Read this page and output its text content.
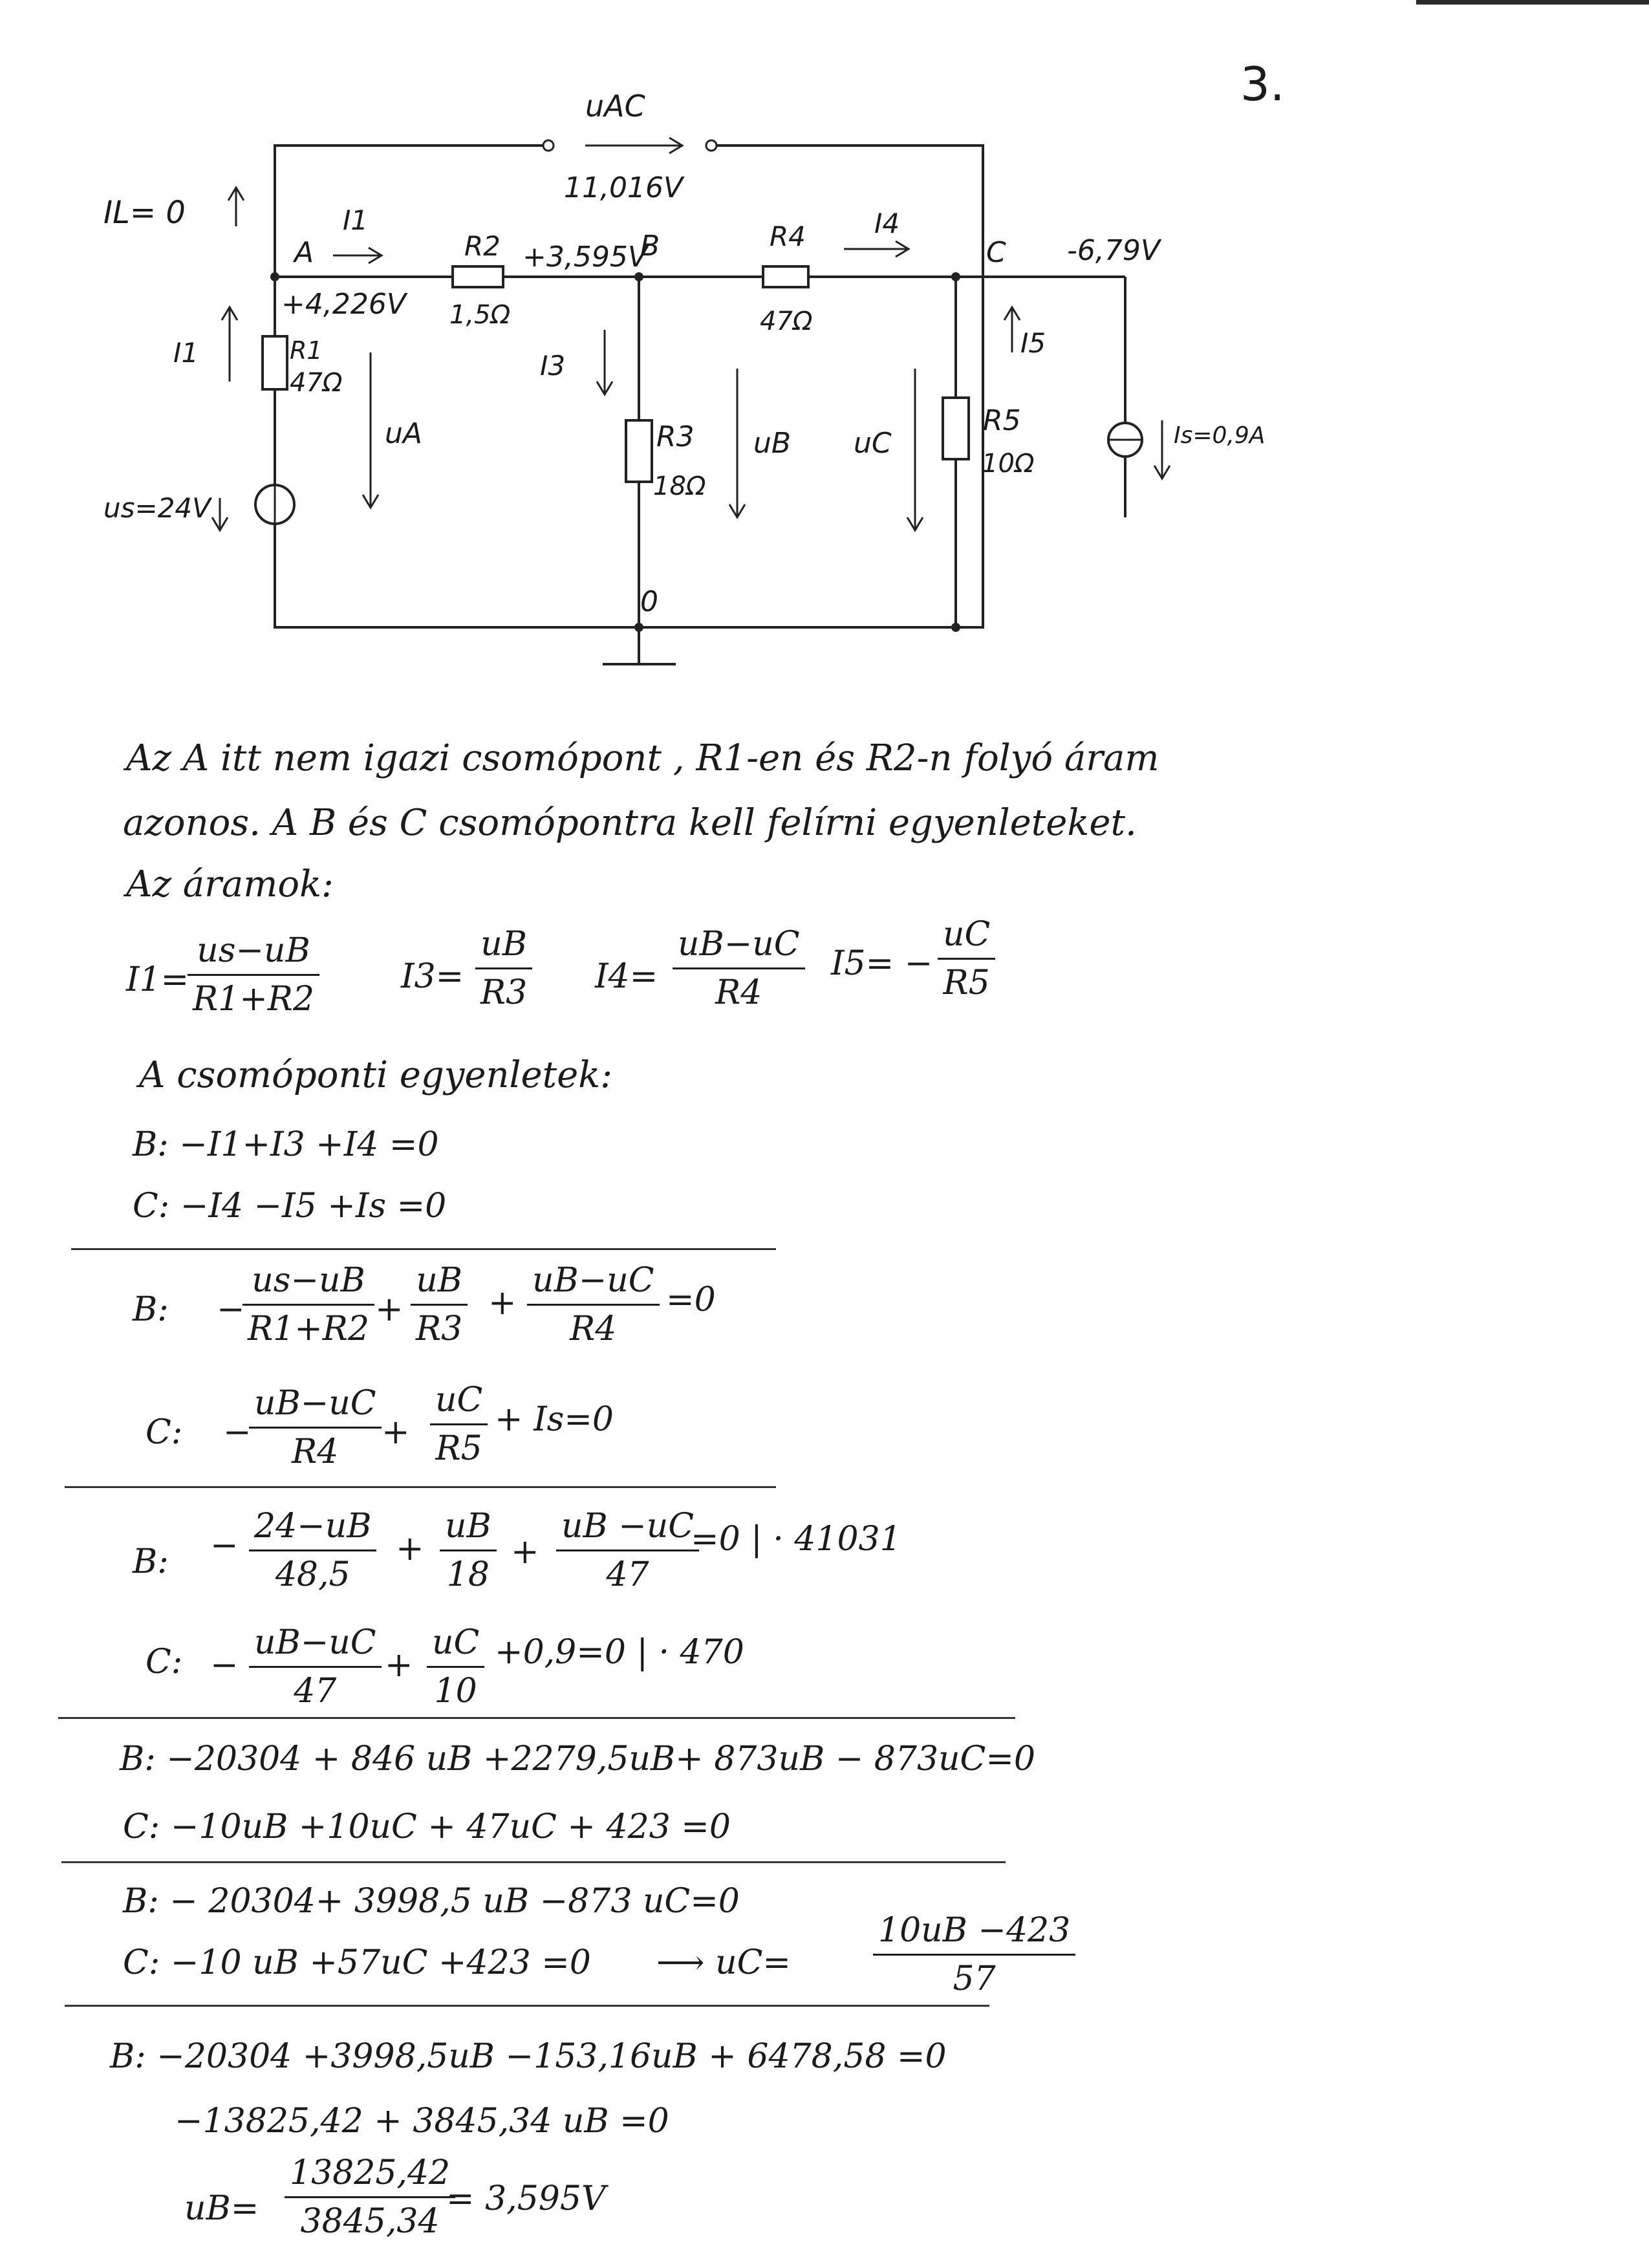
3.
uAC
11,016V
IL= 0
A
I1
R2
1,5Ω
+3,595V
B	R4
47Ω
I4
C -6,79V
+4,226V
I1	R1
47Ω
I3
uA	R3
18Ω
uB uC
I5
R5
10Ω
Is=0,9A
us=24V
0
Az A itt nem igazi csomópont , R1-en és R2-n folyó áram
azonos. A B és C csomópontra kell felírni egyenleteket.
Az áramok:
I1=
$\frac{us-uB}{R1+R2} I3= \frac{uB}{R3} I4= \frac{uB-uC}{R4} I5= - \frac{uC}{R5}$
A csomóponti egyenletek:
B: −I1+I3 +I4 =0
C: −I4 −I5 +Is =0
B: −
$\frac{us-uB}{R1+R2} + \frac{uB}{R3} + \frac{uB-uC}{R4} =0$
C: −
$\frac{uB-uC}{R4} + \frac{uC}{R5} + Is=0$
B: − $\frac{24-uB}{48,5} + \frac{uB}{18} + \frac{uB -uC}{47}$
=0 | · 41031
C: − $\frac{uB-uC}{47} + \frac{uC}{10} +0,9=0$ | · 470
B: −20304 + 846 uB +2279,5uB+ 873uB − 873uC=0
C: −10uB +10uC + 47uC + 423 =0
B: − 20304+ 3998,5 uB −873 uC=0
C: −10 uB +57uC +423 =0 ⟶ $uC= \frac{10uB -423}{57}$
B: −20304 +3998,5uB −153,16uB + 6478,58 =0
−13825,42 + 3845,34 uB =0
$uB= \frac{13825,42}{3845,34}$
= 3,595V
